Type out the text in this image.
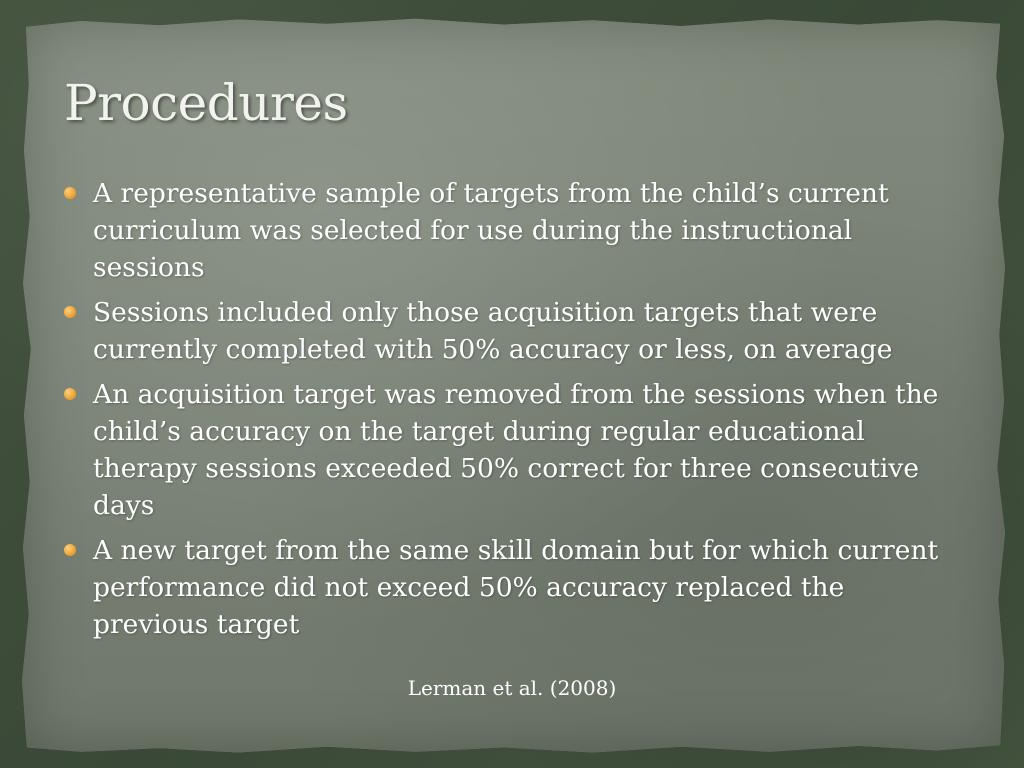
Procedures
A representative sample of targets from the child’s current curriculum was selected for use during the instructional sessions
Sessions included only those acquisition targets that were currently completed with 50% accuracy or less, on average
An acquisition target was removed from the sessions when the child’s accuracy on the target during regular educational therapy sessions exceeded 50% correct for three consecutive days
A new target from the same skill domain but for which current performance did not exceed 50% accuracy replaced the previous target
Lerman et al. (2008)
